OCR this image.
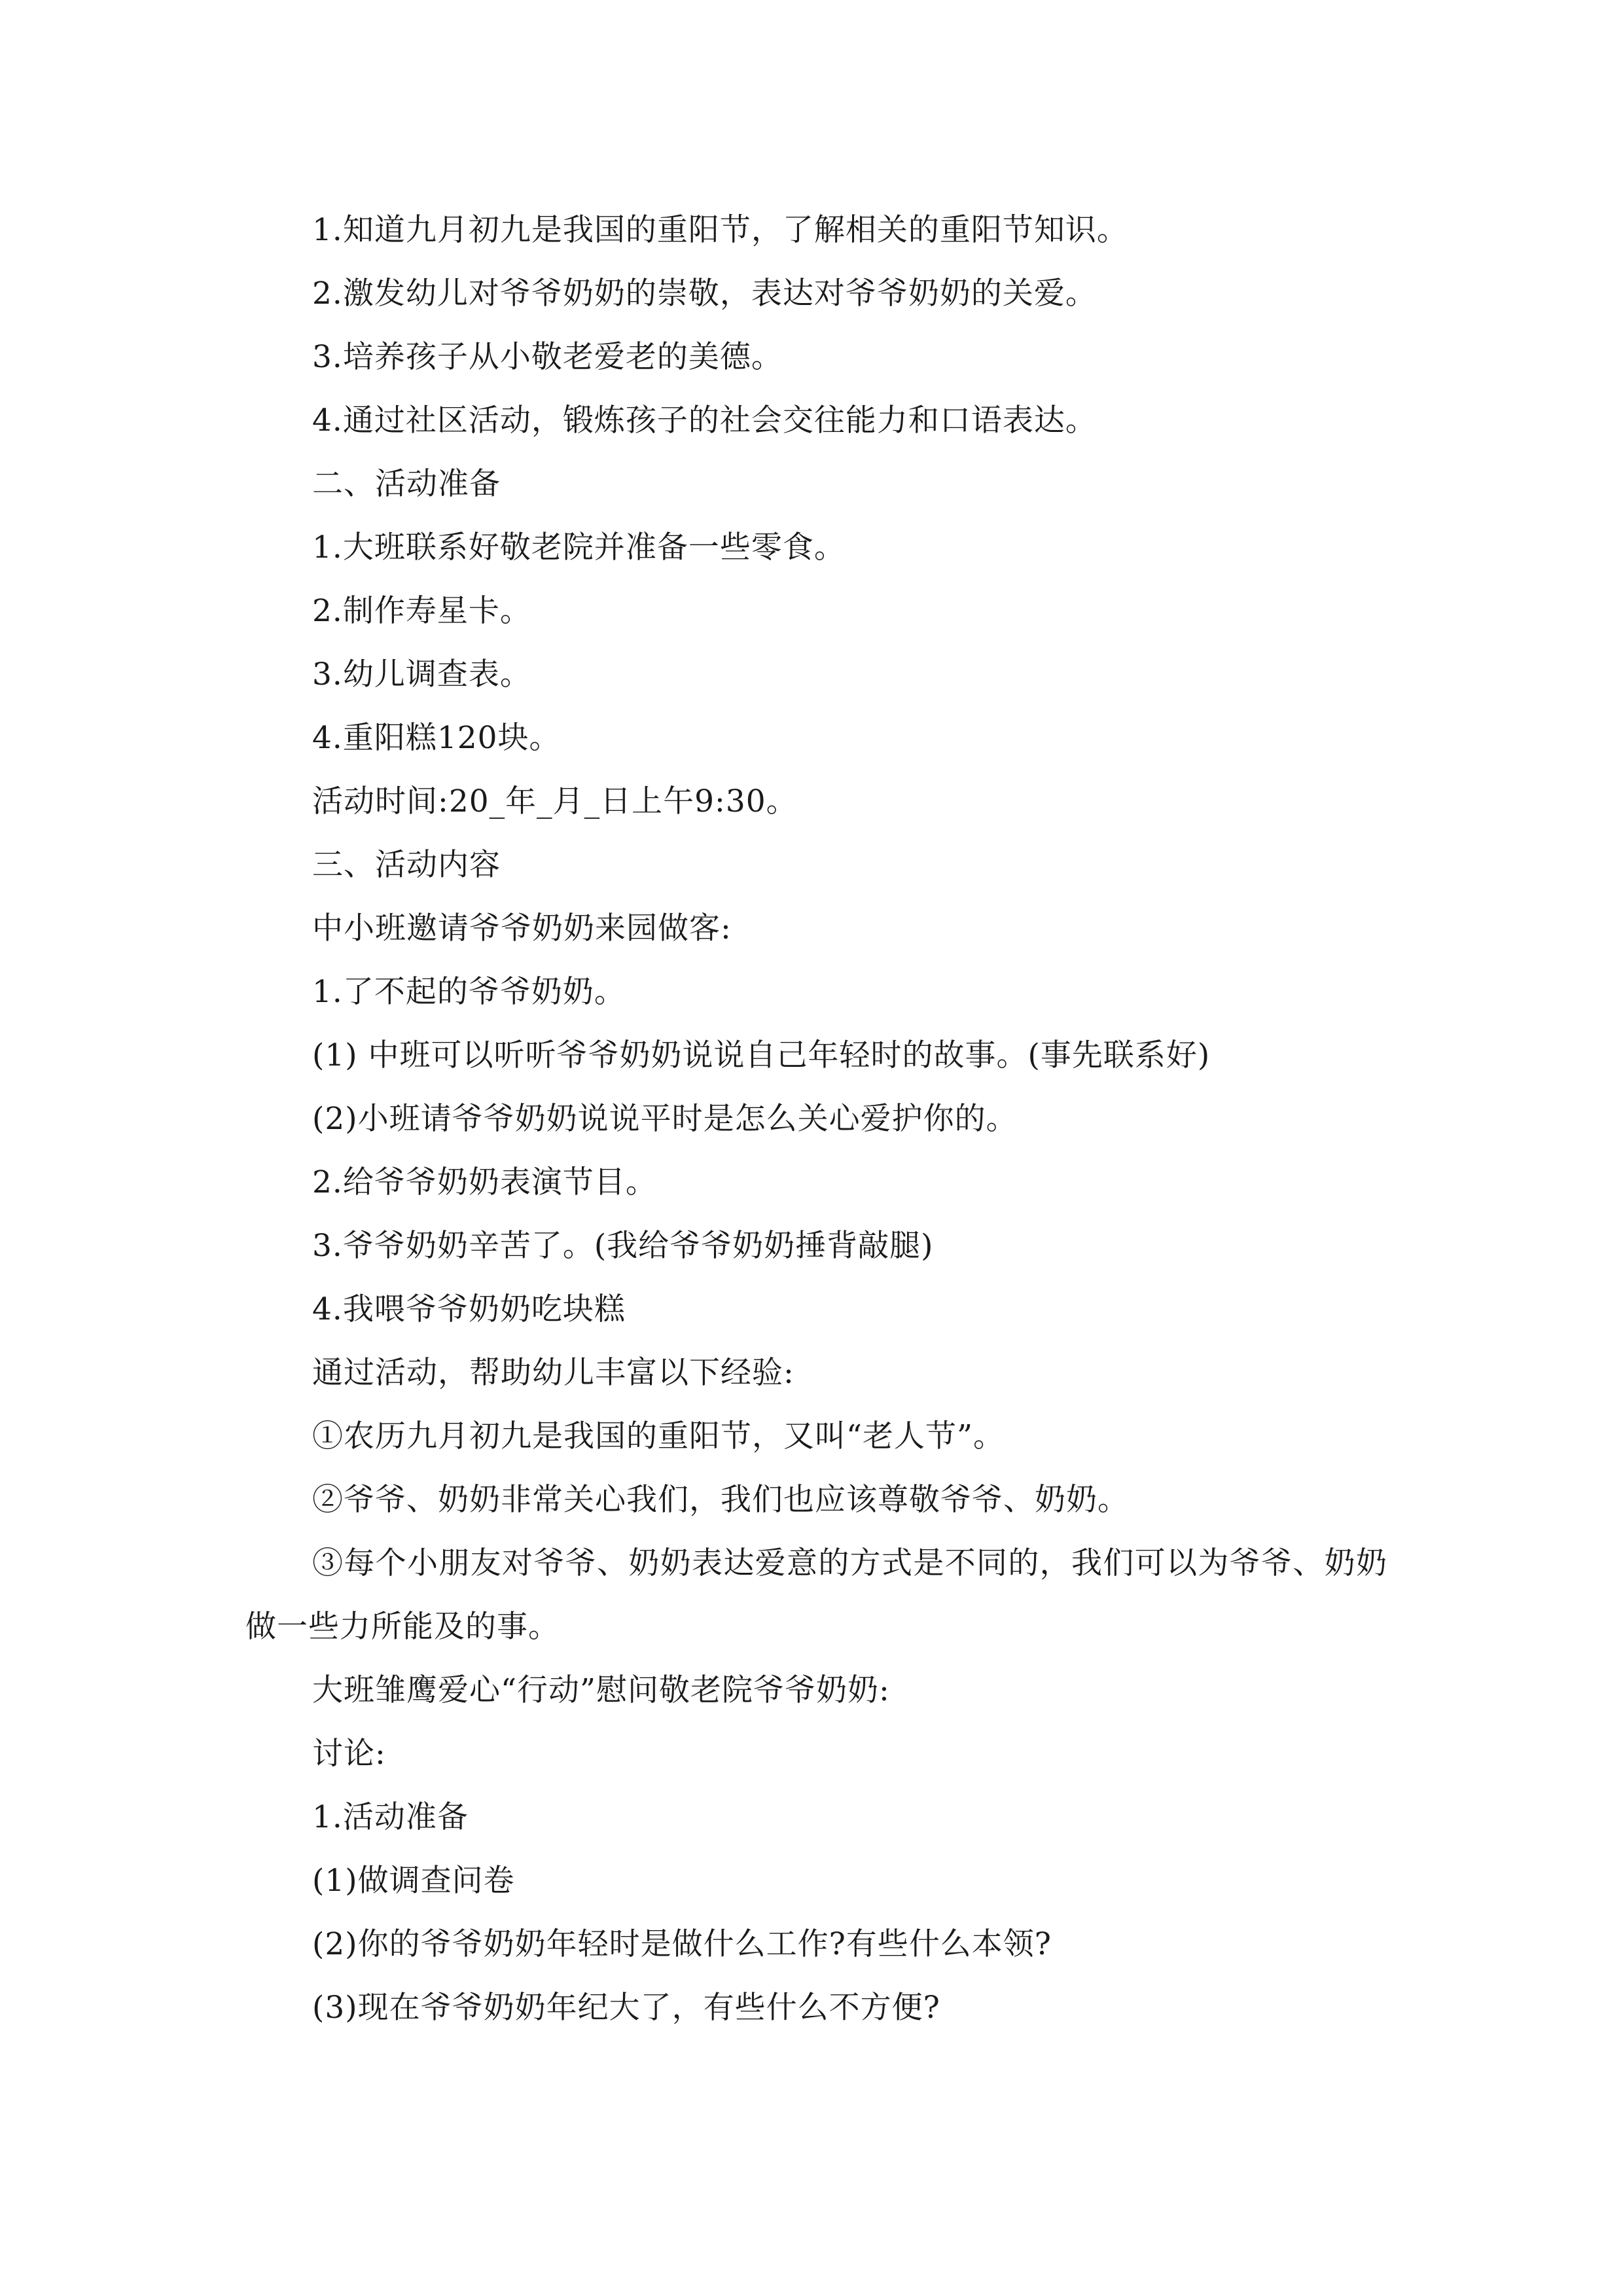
1.知道九月初九是我国的重阳节，了解相关的重阳节知识。
2.激发幼儿对爷爷奶奶的崇敬，表达对爷爷奶奶的关爱。
3.培养孩子从小敬老爱老的美德。
4.通过社区活动，锻炼孩子的社会交往能力和口语表达。
二、活动准备
1.大班联系好敬老院并准备一些零食。
2.制作寿星卡。
3.幼儿调查表。
4.重阳糕120块。
活动时间:20_年_月_日上午9:30。
三、活动内容
中小班邀请爷爷奶奶来园做客:
1.了不起的爷爷奶奶。
(1) 中班可以听听爷爷奶奶说说自己年轻时的故事。(事先联系好)
(2)小班请爷爷奶奶说说平时是怎么关心爱护你的。
2.给爷爷奶奶表演节目。
3.爷爷奶奶辛苦了。(我给爷爷奶奶捶背敲腿)
4.我喂爷爷奶奶吃块糕
通过活动，帮助幼儿丰富以下经验:
①农历九月初九是我国的重阳节，又叫“老人节”。
②爷爷、奶奶非常关心我们，我们也应该尊敬爷爷、奶奶。
③每个小朋友对爷爷、奶奶表达爱意的方式是不同的，我们可以为爷爷、奶奶做一些力所能及的事。
大班雏鹰爱心“行动”慰问敬老院爷爷奶奶:
讨论:
1.活动准备
(1)做调查问卷
(2)你的爷爷奶奶年轻时是做什么工作?有些什么本领?
(3)现在爷爷奶奶年纪大了，有些什么不方便?
